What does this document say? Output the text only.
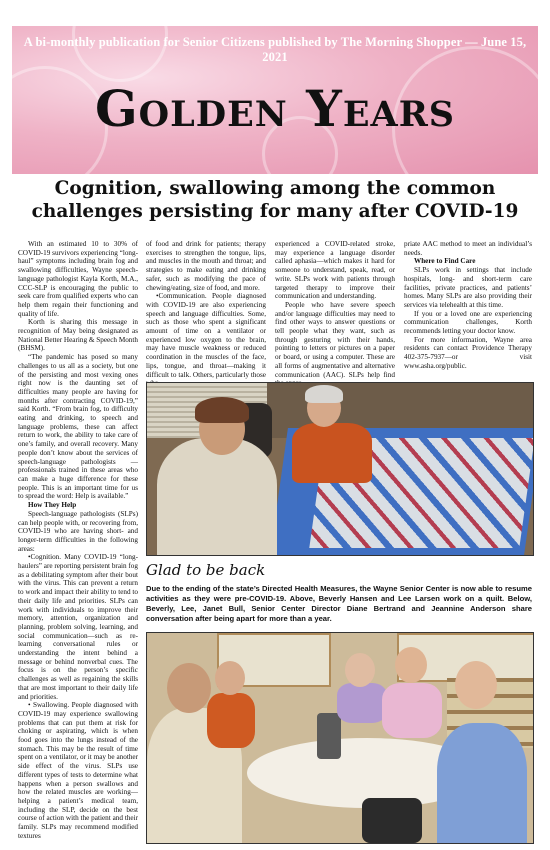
A bi-monthly publication for Senior Citizens published by The Morning Shopper — June 15, 2021
Golden Years
Cognition, swallowing among the common challenges persisting for many after COVID-19

With an estimated 10 to 30% of COVID-19 survivors experiencing “long-haul” symptoms including brain fog and swallowing difficulties, Wayne speech-language pathologist Kayla Korth, M.A., CCC-SLP is encouraging the public to seek care from qualified experts who can help them regain their functioning and quality of life.

Korth is sharing this message in recognition of May being designated as National Better Hearing & Speech Month (BHSM).

“The pandemic has posed so many challenges to us all as a society, but one of the persisting and most vexing ones right now is the daunting set of difficulties many people are having for months after contracting COVID-19,” said Korth. “From brain fog, to difficulty eating and drinking, to speech and language problems, these can affect return to work, the ability to take care of one’s family, and overall recovery. Many people don’t know about the services of speech-language pathologists — professionals trained in these areas who can make a huge difference for these people. This is an important time for us to spread the word: Help is available.”

How They Help

Speech-language pathologists (SLPs) can help people with, or recovering from, COVID-19 who are having short- and longer-term difficulties in the following areas:

•Cognition. Many COVID-19 “long-haulers” are reporting persistent brain fog as a debilitating symptom after their bout with the virus. This can prevent a return to work and impact their ability to tend to their daily life and priorities. SLPs can work with individuals to improve their memory, attention, organization and planning, problem solving, learning, and social communication—such as re-learning conversational rules or understanding the intent behind a message or behind nonverbal cues. The focus is on the person’s specific challenges as well as regaining the skills that are most important to their daily life and priorities.

• Swallowing. People diagnosed with COVID-19 may experience swallowing problems that can put them at risk for choking or aspirating, which is when food goes into the lungs instead of the stomach. This may be the result of time spent on a ventilator, or it may be another side effect of the virus. SLPs use different types of tests to determine what happens when a person swallows and how the related muscles are working—helping a patient’s medical team, including the SLP, decide on the best course of action with the patient and their family. SLPs may recommend modified textures

of food and drink for patients; therapy exercises to strengthen the tongue, lips, and muscles in the mouth and throat; and strategies to make eating and drinking safer, such as modifying the pace of chewing/eating, size of food, and more.

•Communication. People diagnosed with COVID-19 are also experiencing speech and language difficulties. Some, such as those who spent a significant amount of time on a ventilator or experienced low oxygen to the brain, may have muscle weakness or reduced coordination in the muscles of the face, lips, tongue, and throat—making it difficult to talk. Others, particularly those

experienced a COVID-related stroke, may experience a language disorder called aphasia—which makes it hard for someone to understand, speak, read, or write. SLPs work with patients through targeted therapy to improve their communication and understanding.

People who have severe speech and/or language difficulties may need to find other ways to answer questions or tell people what they want, such as through gesturing with their hands, pointing to letters or pictures on a paper or board, or using a computer. These are all forms of augmentative and alternative communication (AAC). SLPs help find

priate AAC method to meet an individual’s needs.

Where to Find Care

SLPs work in settings that include hospitals, long- and short-term care facilities, private practices, and patients’ homes. Many SLPs are also providing their services via telehealth at this time.

If you or a loved one are experiencing communication challenges, Korth recommends letting your doctor know.

For more information, Wayne area residents can contact Providence Therapy 402-375-7937—or visit www.asha.org/public.

Glad to be back
Due to the ending of the state’s Directed Health Measures, the Wayne Senior Center is now able to resume activities as they were pre-COVID-19. Above, Beverly Hansen and Lee Larsen work on a quilt. Below, Beverly, Lee, Janet Bull, Senior Center Director Diane Bertrand and Jeannine Anderson share conversation after being apart for more than a year.
